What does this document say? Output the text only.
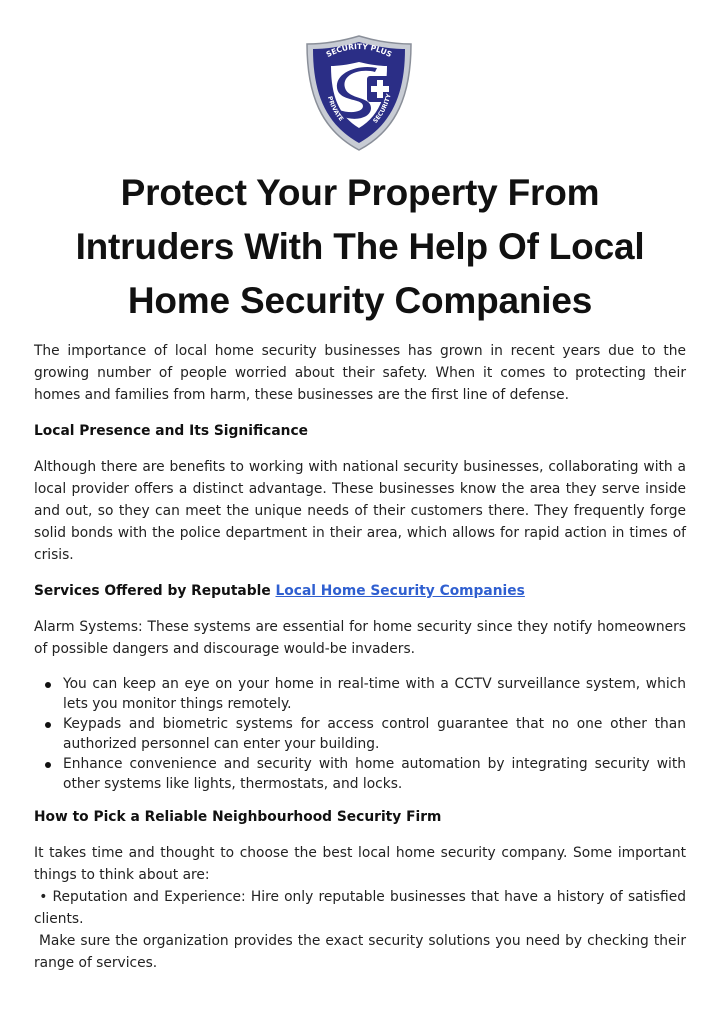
SECURITY PLUS
PRIVATE	SECURITY
Protect Your Property From
Intruders With The Help Of Local
Home Security Companies

The importance of local home security businesses has grown in recent years due to the growing number of people worried about their safety. When it comes to protecting their homes and families from harm, these businesses are the first line of defense.

Local Presence and Its Significance

Although there are benefits to working with national security businesses, collaborating with a local provider offers a distinct advantage. These businesses know the area they serve inside and out, so they can meet the unique needs of their customers there. They frequently forge solid bonds with the police department in their area, which allows for rapid action in times of crisis.

Services Offered by Reputable Local Home Security Companies

Alarm Systems: These systems are essential for home security since they notify homeowners of possible dangers and discourage would-be invaders.

You can keep an eye on your home in real-time with a CCTV surveillance system, which lets you monitor things remotely.
Keypads and biometric systems for access control guarantee that no one other than authorized personnel can enter your building.
Enhance convenience and security with home automation by integrating security with other systems like lights, thermostats, and locks.

How to Pick a Reliable Neighbourhood Security Firm

It takes time and thought to choose the best local home security company. Some important things to think about are:

• Reputation and Experience: Hire only reputable businesses that have a history of satisfied clients.

Make sure the organization provides the exact security solutions you need by checking their range of services.
